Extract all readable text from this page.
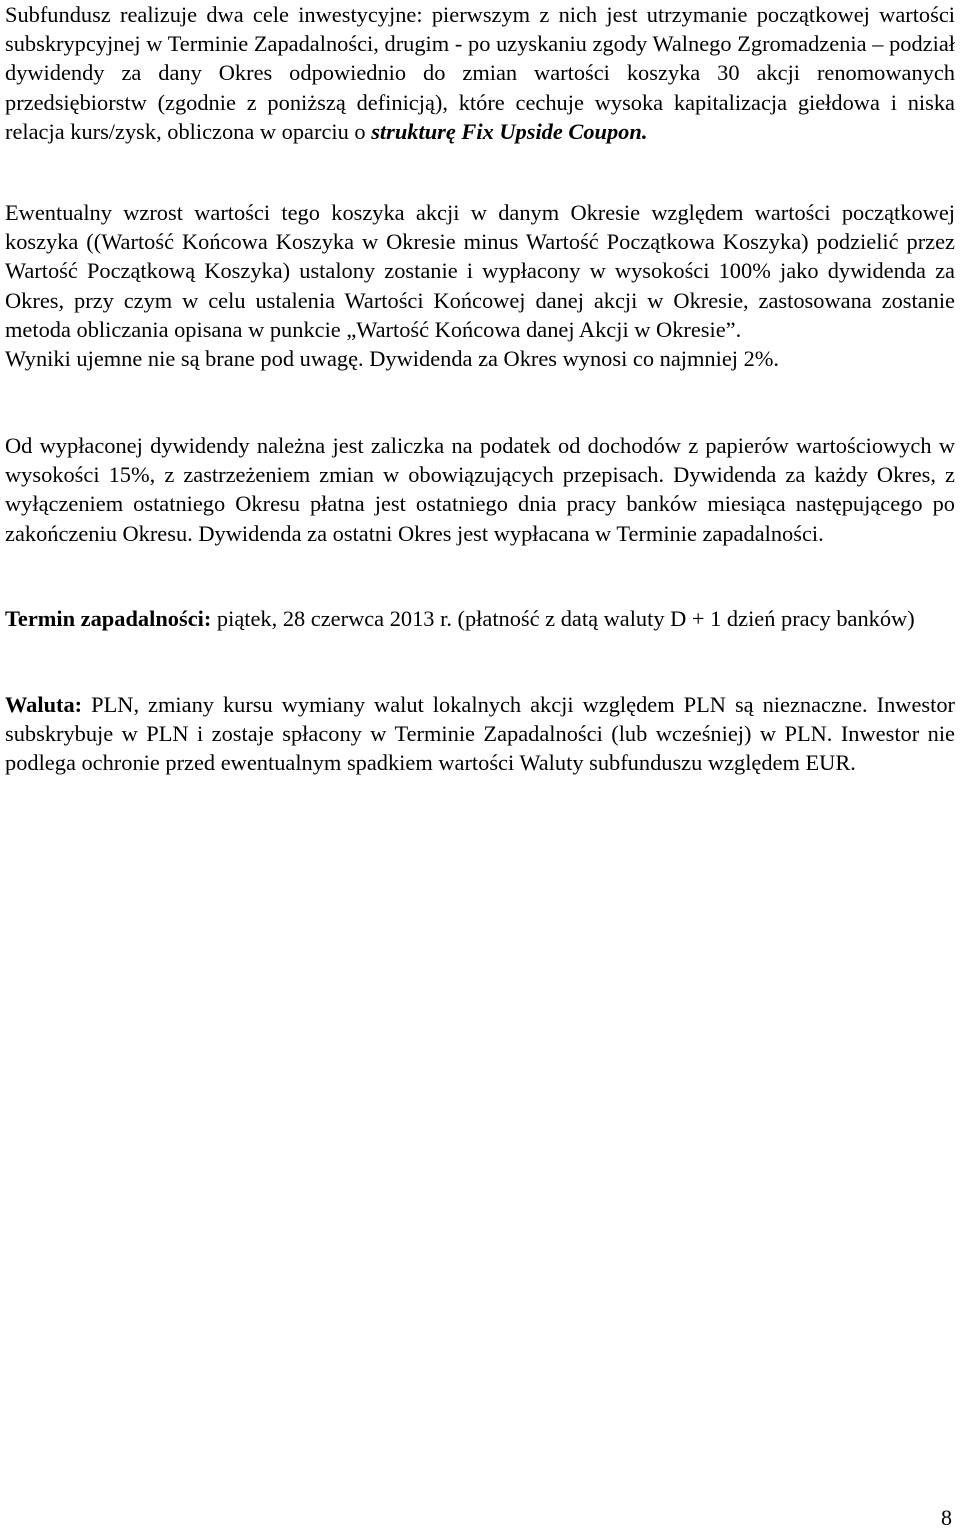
Subfundusz realizuje dwa cele inwestycyjne: pierwszym z nich jest utrzymanie początkowej wartości subskrypcyjnej w Terminie Zapadalności, drugim - po uzyskaniu zgody Walnego Zgromadzenia – podział dywidendy za dany Okres odpowiednio do zmian wartości koszyka 30 akcji renomowanych przedsiębiorstw (zgodnie z poniższą definicją), które cechuje wysoka kapitalizacja giełdowa i niska relacja kurs/zysk, obliczona w oparciu o strukturę Fix Upside Coupon.

Ewentualny wzrost wartości tego koszyka akcji w danym Okresie względem wartości początkowej koszyka ((Wartość Końcowa Koszyka w Okresie minus Wartość Początkowa Koszyka) podzielić przez Wartość Początkową Koszyka) ustalony zostanie i wypłacony w wysokości 100% jako dywidenda za Okres, przy czym w celu ustalenia Wartości Końcowej danej akcji w Okresie, zastosowana zostanie metoda obliczania opisana w punkcie „Wartość Końcowa danej Akcji w Okresie”.
Wyniki ujemne nie są brane pod uwagę. Dywidenda za Okres wynosi co najmniej 2%.

Od wypłaconej dywidendy należna jest zaliczka na podatek od dochodów z papierów wartościowych w wysokości 15%, z zastrzeżeniem zmian w obowiązujących przepisach. Dywidenda za każdy Okres, z wyłączeniem ostatniego Okresu płatna jest ostatniego dnia pracy banków miesiąca następującego po zakończeniu Okresu. Dywidenda za ostatni Okres jest wypłacana w Terminie zapadalności.

Termin zapadalności: piątek, 28 czerwca 2013 r. (płatność z datą waluty D + 1 dzień pracy banków)

Waluta: PLN, zmiany kursu wymiany walut lokalnych akcji względem PLN są nieznaczne. Inwestor subskrybuje w PLN i zostaje spłacony w Terminie Zapadalności (lub wcześniej) w PLN. Inwestor nie podlega ochronie przed ewentualnym spadkiem wartości Waluty subfunduszu względem EUR.

8
